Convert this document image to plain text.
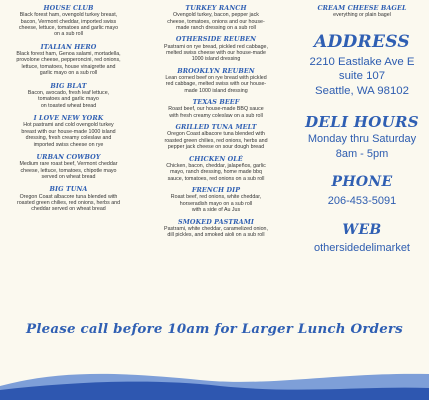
HOUSE CLUB
Black forest ham, ovengold turkey breast,
bacon, Vermont cheddar, imported swiss
cheese, lettuce, tomatoes and garlic mayo
on a sub roll
ITALIAN HERO
Black forest ham, Genoa salami, mortadella,
provolone cheese, pepperoncini, red onions,
lettuce, tomatoes, house vinaigrette and
garlic mayo on a sub roll
BIG BLAT
Bacon, avocado, fresh leaf lettuce,
tomatoes and garlic mayo
on toasted wheat bread
I LOVE NEW YORK
Hot pastrami and cold ovengold turkey
breast with our house-made 1000 island
dressing, fresh creamy coleslaw and
imported swiss cheese on rye
URBAN COWBOY
Medium rare roast beef, Vermont cheddar
cheese, lettuce, tomatoes, chipotle mayo
served on wheat bread
BIG TUNA
Oregon Coast albacore tuna blended with
roasted green chilies, red onions, herbs and
cheddar served on wheat bread
TURKEY RANCH
Ovengold turkey, bacon, pepper jack
cheese, tomatoes, onions and our house-
made ranch dressing on a sub roll
OTHERSIDE REUBEN
Pastrami on rye bread, pickled red cabbage,
melted swiss cheese with our house-made
1000 island dressing
BROOKLYN REUBEN
Lean corned beef on rye bread with pickled
red cabbage, melted swiss with our house-
made 1000 island dressing
TEXAS BEEF
Roast beef, our house-made BBQ sauce
with fresh creamy coleslaw on a sub roll
GRILLED TUNA MELT
Oregon Coast albacore tuna blended with
roasted green chilies, red onions, herbs and
pepper jack cheese on sour dough bread
CHICKEN OLÉ
Chicken, bacon, cheddar, jalapeños, garlic
mayo, ranch dressing, home made bbq
sauce, tomatoes, red onions on a sub roll
FRENCH DIP
Roast beef, red onions, white cheddar,
horseradish mayo on a sub roll
with a side of Au Jus
SMOKED PASTRAMI
Pastrami, white cheddar, caramelized onion,
dill pickles, and smoked aioli on a sub roll
CREAM CHEESE BAGEL
everything or plain bagel
ADDRESS
2210 Eastlake Ave E
suite 107
Seattle, WA 98102
DELI HOURS
Monday thru Saturday
8am - 5pm
PHONE
206-453-5091
WEB
othersidedelimarket
Please call before 10am for Larger Lunch Orders
